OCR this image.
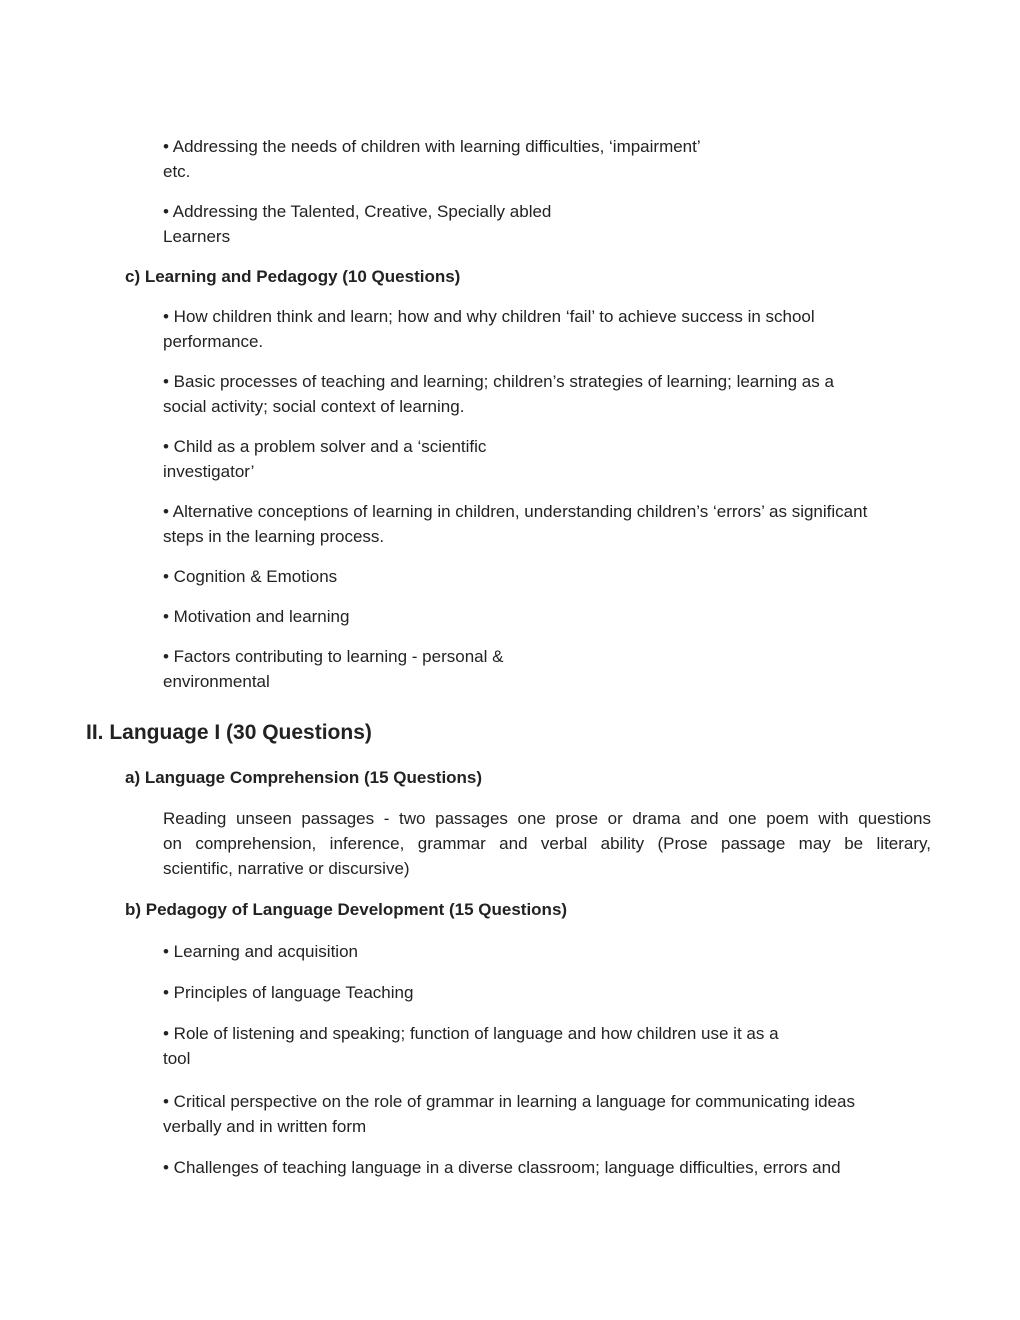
• Addressing the needs of children with learning difficulties, ‘impairment’
etc.
• Addressing the Talented, Creative, Specially abled
Learners
c) Learning and Pedagogy (10 Questions)
• How children think and learn; how and why children ‘fail’ to achieve success in school
performance.
• Basic processes of teaching and learning; children’s strategies of learning; learning as a
social activity; social context of learning.
• Child as a problem solver and a ‘scientific
investigator’
• Alternative conceptions of learning in children, understanding children’s ‘errors’ as significant
steps in the learning process.
• Cognition & Emotions
• Motivation and learning
• Factors contributing to learning - personal &
environmental
II. Language I (30 Questions)
a) Language Comprehension (15 Questions)
Reading unseen passages - two passages one prose or drama and one poem with questions
on comprehension, inference, grammar and verbal ability (Prose passage may be literary,
scientific, narrative or discursive)
b) Pedagogy of Language Development (15 Questions)
• Learning and acquisition
• Principles of language Teaching
• Role of listening and speaking; function of language and how children use it as a
tool
• Critical perspective on the role of grammar in learning a language for communicating ideas
verbally and in written form
• Challenges of teaching language in a diverse classroom; language difficulties, errors and
